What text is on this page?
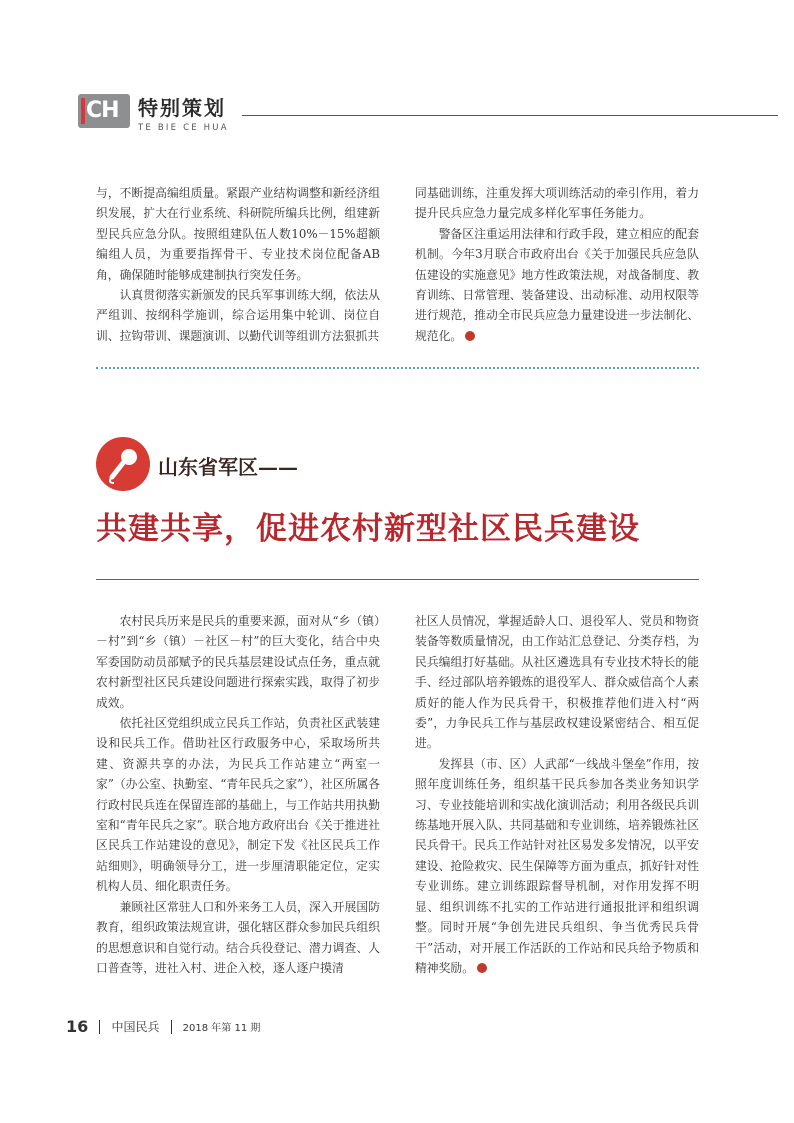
CH 特别策划
TE BIE CE HUA

与，不断提高编组质量。紧跟产业结构调整和新经济组织发展，扩大在行业系统、科研院所编兵比例，组建新型民兵应急分队。按照组建队伍人数10%－15%超额编组人员，为重要指挥骨干、专业技术岗位配备AB角，确保随时能够成建制执行突发任务。

认真贯彻落实新颁发的民兵军事训练大纲，依法从严组训、按纲科学施训，综合运用集中轮训、岗位自训、拉钩带训、课题演训、以勤代训等组训方法狠抓共

同基础训练，注重发挥大项训练活动的牵引作用，着力提升民兵应急力量完成多样化军事任务能力。

警备区注重运用法律和行政手段，建立相应的配套机制。今年3月联合市政府出台《关于加强民兵应急队伍建设的实施意见》地方性政策法规，对战备制度、教育训练、日常管理、装备建设、出动标准、动用权限等进行规范，推动全市民兵应急力量建设进一步法制化、规范化。

山东省军区——
共建共享，促进农村新型社区民兵建设

农村民兵历来是民兵的重要来源，面对从“乡（镇）－村”到“乡（镇）－社区－村”的巨大变化，结合中央军委国防动员部赋予的民兵基层建设试点任务，重点就农村新型社区民兵建设问题进行探索实践，取得了初步成效。

依托社区党组织成立民兵工作站，负责社区武装建设和民兵工作。借助社区行政服务中心，采取场所共建、资源共享的办法，为民兵工作站建立“两室一家”（办公室、执勤室、“青年民兵之家”），社区所属各行政村民兵连在保留连部的基础上，与工作站共用执勤室和“青年民兵之家”。联合地方政府出台《关于推进社区民兵工作站建设的意见》，制定下发《社区民兵工作站细则》，明确领导分工，进一步厘清职能定位，定实机构人员、细化职责任务。

兼顾社区常驻人口和外来务工人员，深入开展国防教育，组织政策法规宣讲，强化辖区群众参加民兵组织的思想意识和自觉行动。结合兵役登记、潜力调查、人口普查等，进社入村、进企入校，逐人逐户摸清

社区人员情况，掌握适龄人口、退役军人、党员和物资装备等数质量情况，由工作站汇总登记、分类存档，为民兵编组打好基础。从社区遴选具有专业技术特长的能手、经过部队培养锻炼的退役军人、群众威信高个人素质好的能人作为民兵骨干，积极推荐他们进入村“两委”，力争民兵工作与基层政权建设紧密结合、相互促进。

发挥县（市、区）人武部“一线战斗堡垒”作用，按照年度训练任务，组织基干民兵参加各类业务知识学习、专业技能培训和实战化演训活动；利用各级民兵训练基地开展入队、共同基础和专业训练，培养锻炼社区民兵骨干。民兵工作站针对社区易发多发情况，以平安建设、抢险救灾、民生保障等方面为重点，抓好针对性专业训练。建立训练跟踪督导机制，对作用发挥不明显、组织训练不扎实的工作站进行通报批评和组织调整。同时开展“争创先进民兵组织、争当优秀民兵骨干”活动，对开展工作活跃的工作站和民兵给予物质和精神奖励。

16 中国民兵 2018 年第 11 期
